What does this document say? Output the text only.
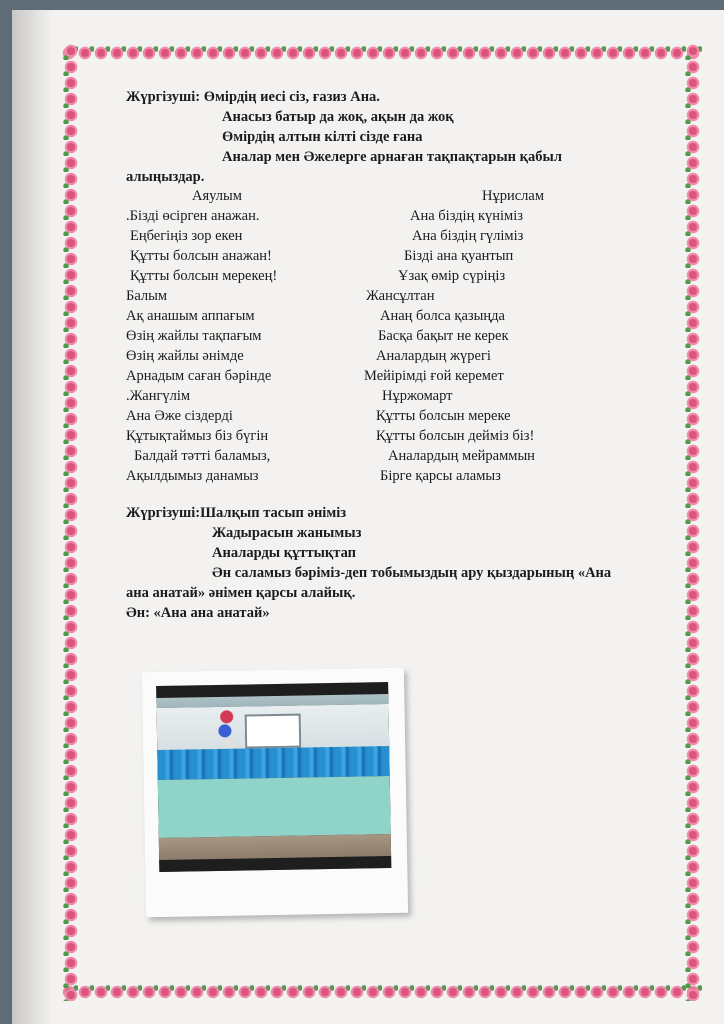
Жүргізуші: Өмірдің иесі сіз, ғазиз Ана.
Анасыз батыр да жоқ, ақын да жоқ
Өмірдің алтын кілті сізде ғана
Аналар мен Әжелерге арнаған тақпақтарын қабыл
алыңыздар.
Аяулым
.Бізді өсірген анажан.
Еңбегіңіз зор екен
Құтты болсын анажан!
Құтты болсын мерекең!
Балым
Ақ анашым аппағым
Өзің жайлы тақпағым
Өзің жайлы әнімде
Арнадым саған бәрінде
.Жангүлім
Ана Әже сіздерді
Құтықтаймыз біз бүгін
Балдай тәтті баламыз,
Ақылдымыз данамыз
Нұрислам
Ана біздің күніміз
Ана біздің гүліміз
Бізді ана қуантып
Ұзақ өмір сүріңіз
Жансұлтан
Анаң болса қазыңда
Басқа бақыт не керек
Аналардың жүрегі
Мейірімді ғой керемет
Нұржомарт
Құтты болсын мереке
Құтты болсын дейміз біз!
Аналардың мейраммын
Бірге қарсы аламыз
Жүргізуші:Шалқып тасып әніміз
Жадырасын жанымыз
Аналарды құттықтап
Ән саламыз бәріміз-деп тобымыздың ару қыздарының «Ана
ана анатай» әнімен қарсы алайық.
Ән: «Ана ана анатай»
